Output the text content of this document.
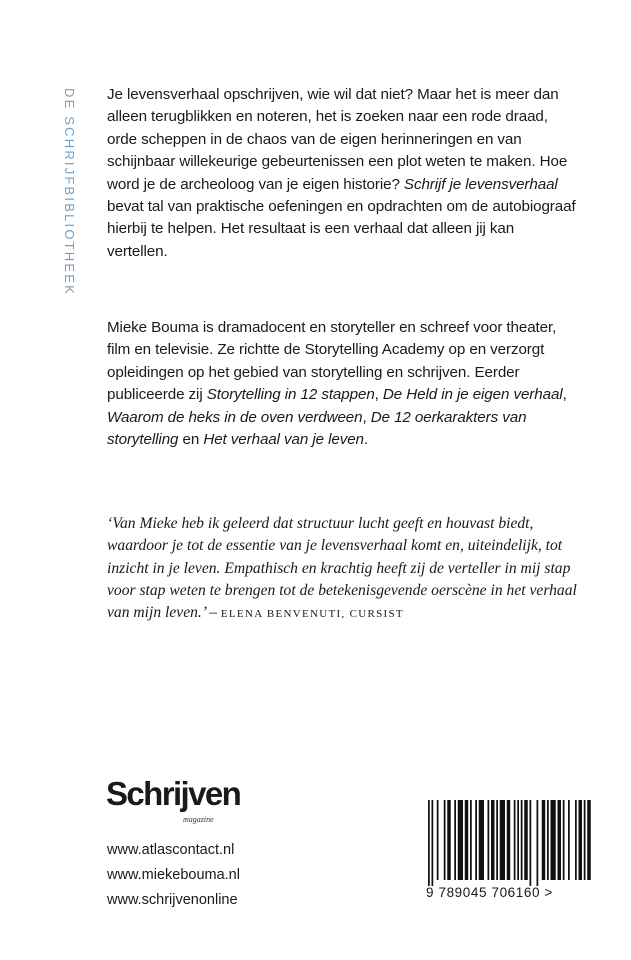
DE SCHRIJFBIBLIOTHEEK Je levensverhaal opschrijven, wie wil dat niet? Maar het is meer dan alleen terugblikken en noteren, het is zoeken naar een rode draad, orde scheppen in de chaos van de eigen herinneringen en van schijnbaar willekeurige gebeurtenissen een plot weten te maken. Hoe word je de archeoloog van je eigen historie? Schrijf je levensverhaal bevat tal van praktische oefeningen en opdrachten om de autobiograaf hierbij te helpen. Het resultaat is een verhaal dat alleen jij kan vertellen.

Mieke Bouma is dramadocent en storyteller en schreef voor theater, film en televisie. Ze richtte de Storytelling Academy op en verzorgt opleidingen op het gebied van storytelling en schrijven. Eerder publiceerde zij Storytelling in 12 stappen, De Held in je eigen verhaal, Waarom de heks in de oven verdween, De 12 oerkarakters van storytelling en Het verhaal van je leven.

‘Van Mieke heb ik geleerd dat structuur lucht geeft en houvast biedt, waardoor je tot de essentie van je levensverhaal komt en, uiteindelijk, tot inzicht in je leven. Empathisch en krachtig heeft zij de verteller in mij stap voor stap weten te brengen tot de betekenisgevende oerscène in het verhaal van mijn leven.’ – ELENA BENVENUTI, CURSIST

Schrijven
magazine
www.atlascontact.nl
www.miekebouma.nl
www.schrijvenonline	9 789045 706160 >
